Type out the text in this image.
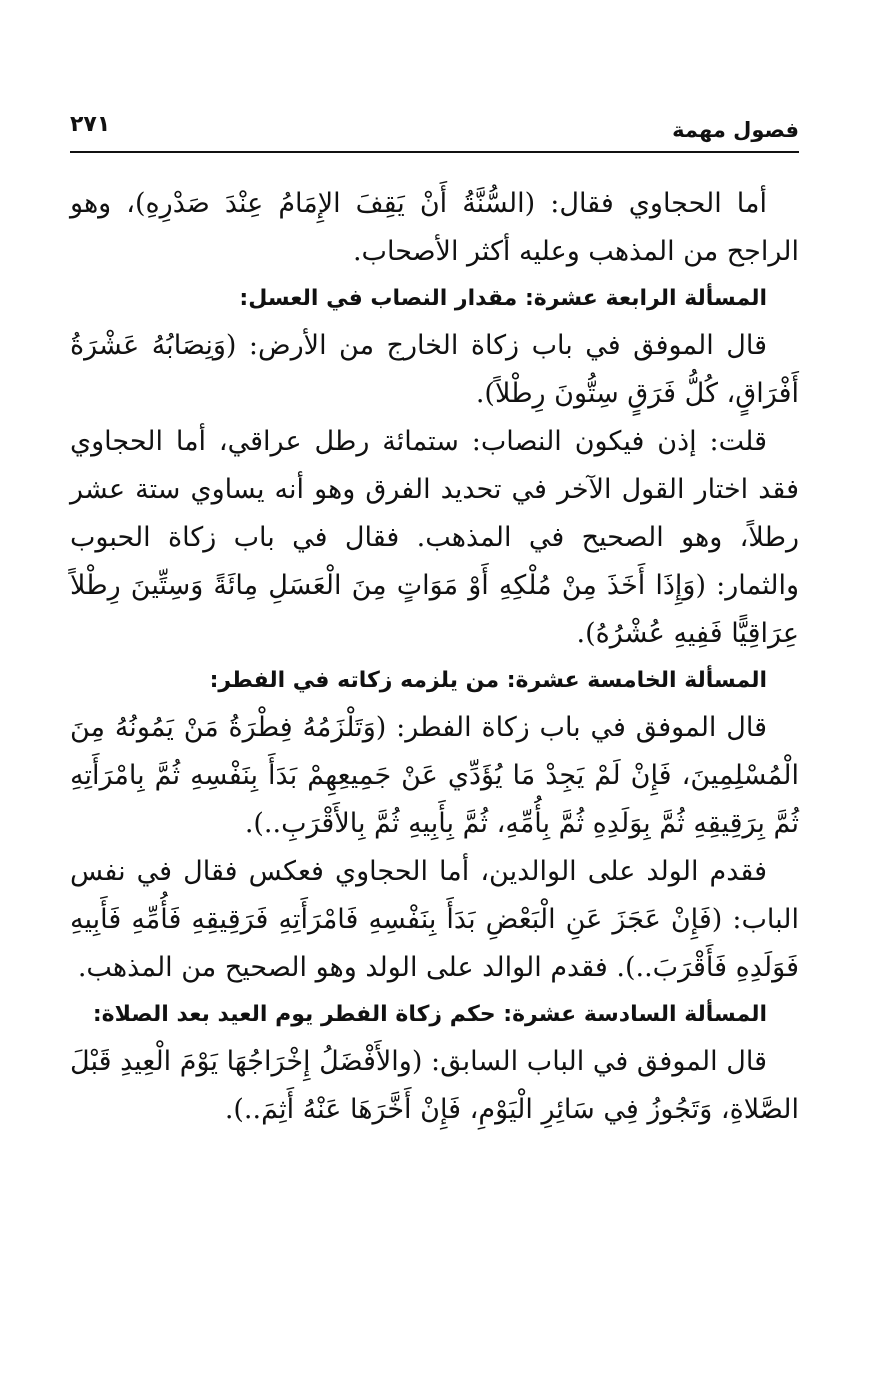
فصول مهمة
٢٧١

أما الحجاوي فقال: (السُّنَّةُ أَنْ يَقِفَ الإِمَامُ عِنْدَ صَدْرِهِ)، وهو الراجح من المذهب وعليه أكثر الأصحاب.

المسألة الرابعة عشرة: مقدار النصاب في العسل:

قال الموفق في باب زكاة الخارج من الأرض: (وَنِصَابُهُ عَشْرَةُ أَفْرَاقٍ، كُلُّ فَرَقٍ سِتُّونَ رِطْلاً).

قلت: إذن فيكون النصاب: ستمائة رطل عراقي، أما الحجاوي فقد اختار القول الآخر في تحديد الفرق وهو أنه يساوي ستة عشر رطلاً، وهو الصحيح في المذهب. فقال في باب زكاة الحبوب والثمار: (وَإِذَا أَخَذَ مِنْ مُلْكِهِ أَوْ مَوَاتٍ مِنَ الْعَسَلِ مِائَةً وَسِتِّينَ رِطْلاً عِرَاقِيًّا فَفِيهِ عُشْرُهُ).

المسألة الخامسة عشرة: من يلزمه زكاته في الفطر:

قال الموفق في باب زكاة الفطر: (وَتَلْزَمُهُ فِطْرَةُ مَنْ يَمُونُهُ مِنَ الْمُسْلِمِينَ، فَإِنْ لَمْ يَجِدْ مَا يُؤَدِّي عَنْ جَمِيعِهِمْ بَدَأَ بِنَفْسِهِ ثُمَّ بِامْرَأَتِهِ ثُمَّ بِرَقِيقِهِ ثُمَّ بِوَلَدِهِ ثُمَّ بِأُمِّهِ، ثُمَّ بِأَبِيهِ ثُمَّ بِالأَقْرَبِ..).

فقدم الولد على الوالدين، أما الحجاوي فعكس فقال في نفس الباب: (فَإِنْ عَجَزَ عَنِ الْبَعْضِ بَدَأَ بِنَفْسِهِ فَامْرَأَتِهِ فَرَقِيقِهِ فَأُمِّهِ فَأَبِيهِ فَوَلَدِهِ فَأَقْرَبَ..). فقدم الوالد على الولد وهو الصحيح من المذهب.

المسألة السادسة عشرة: حكم زكاة الفطر يوم العيد بعد الصلاة:

قال الموفق في الباب السابق: (والأَفْضَلُ إِخْرَاجُهَا يَوْمَ الْعِيدِ قَبْلَ الصَّلاةِ، وَتَجُوزُ فِي سَائِرِ الْيَوْمِ، فَإِنْ أَخَّرَهَا عَنْهُ أَثِمَ..).
